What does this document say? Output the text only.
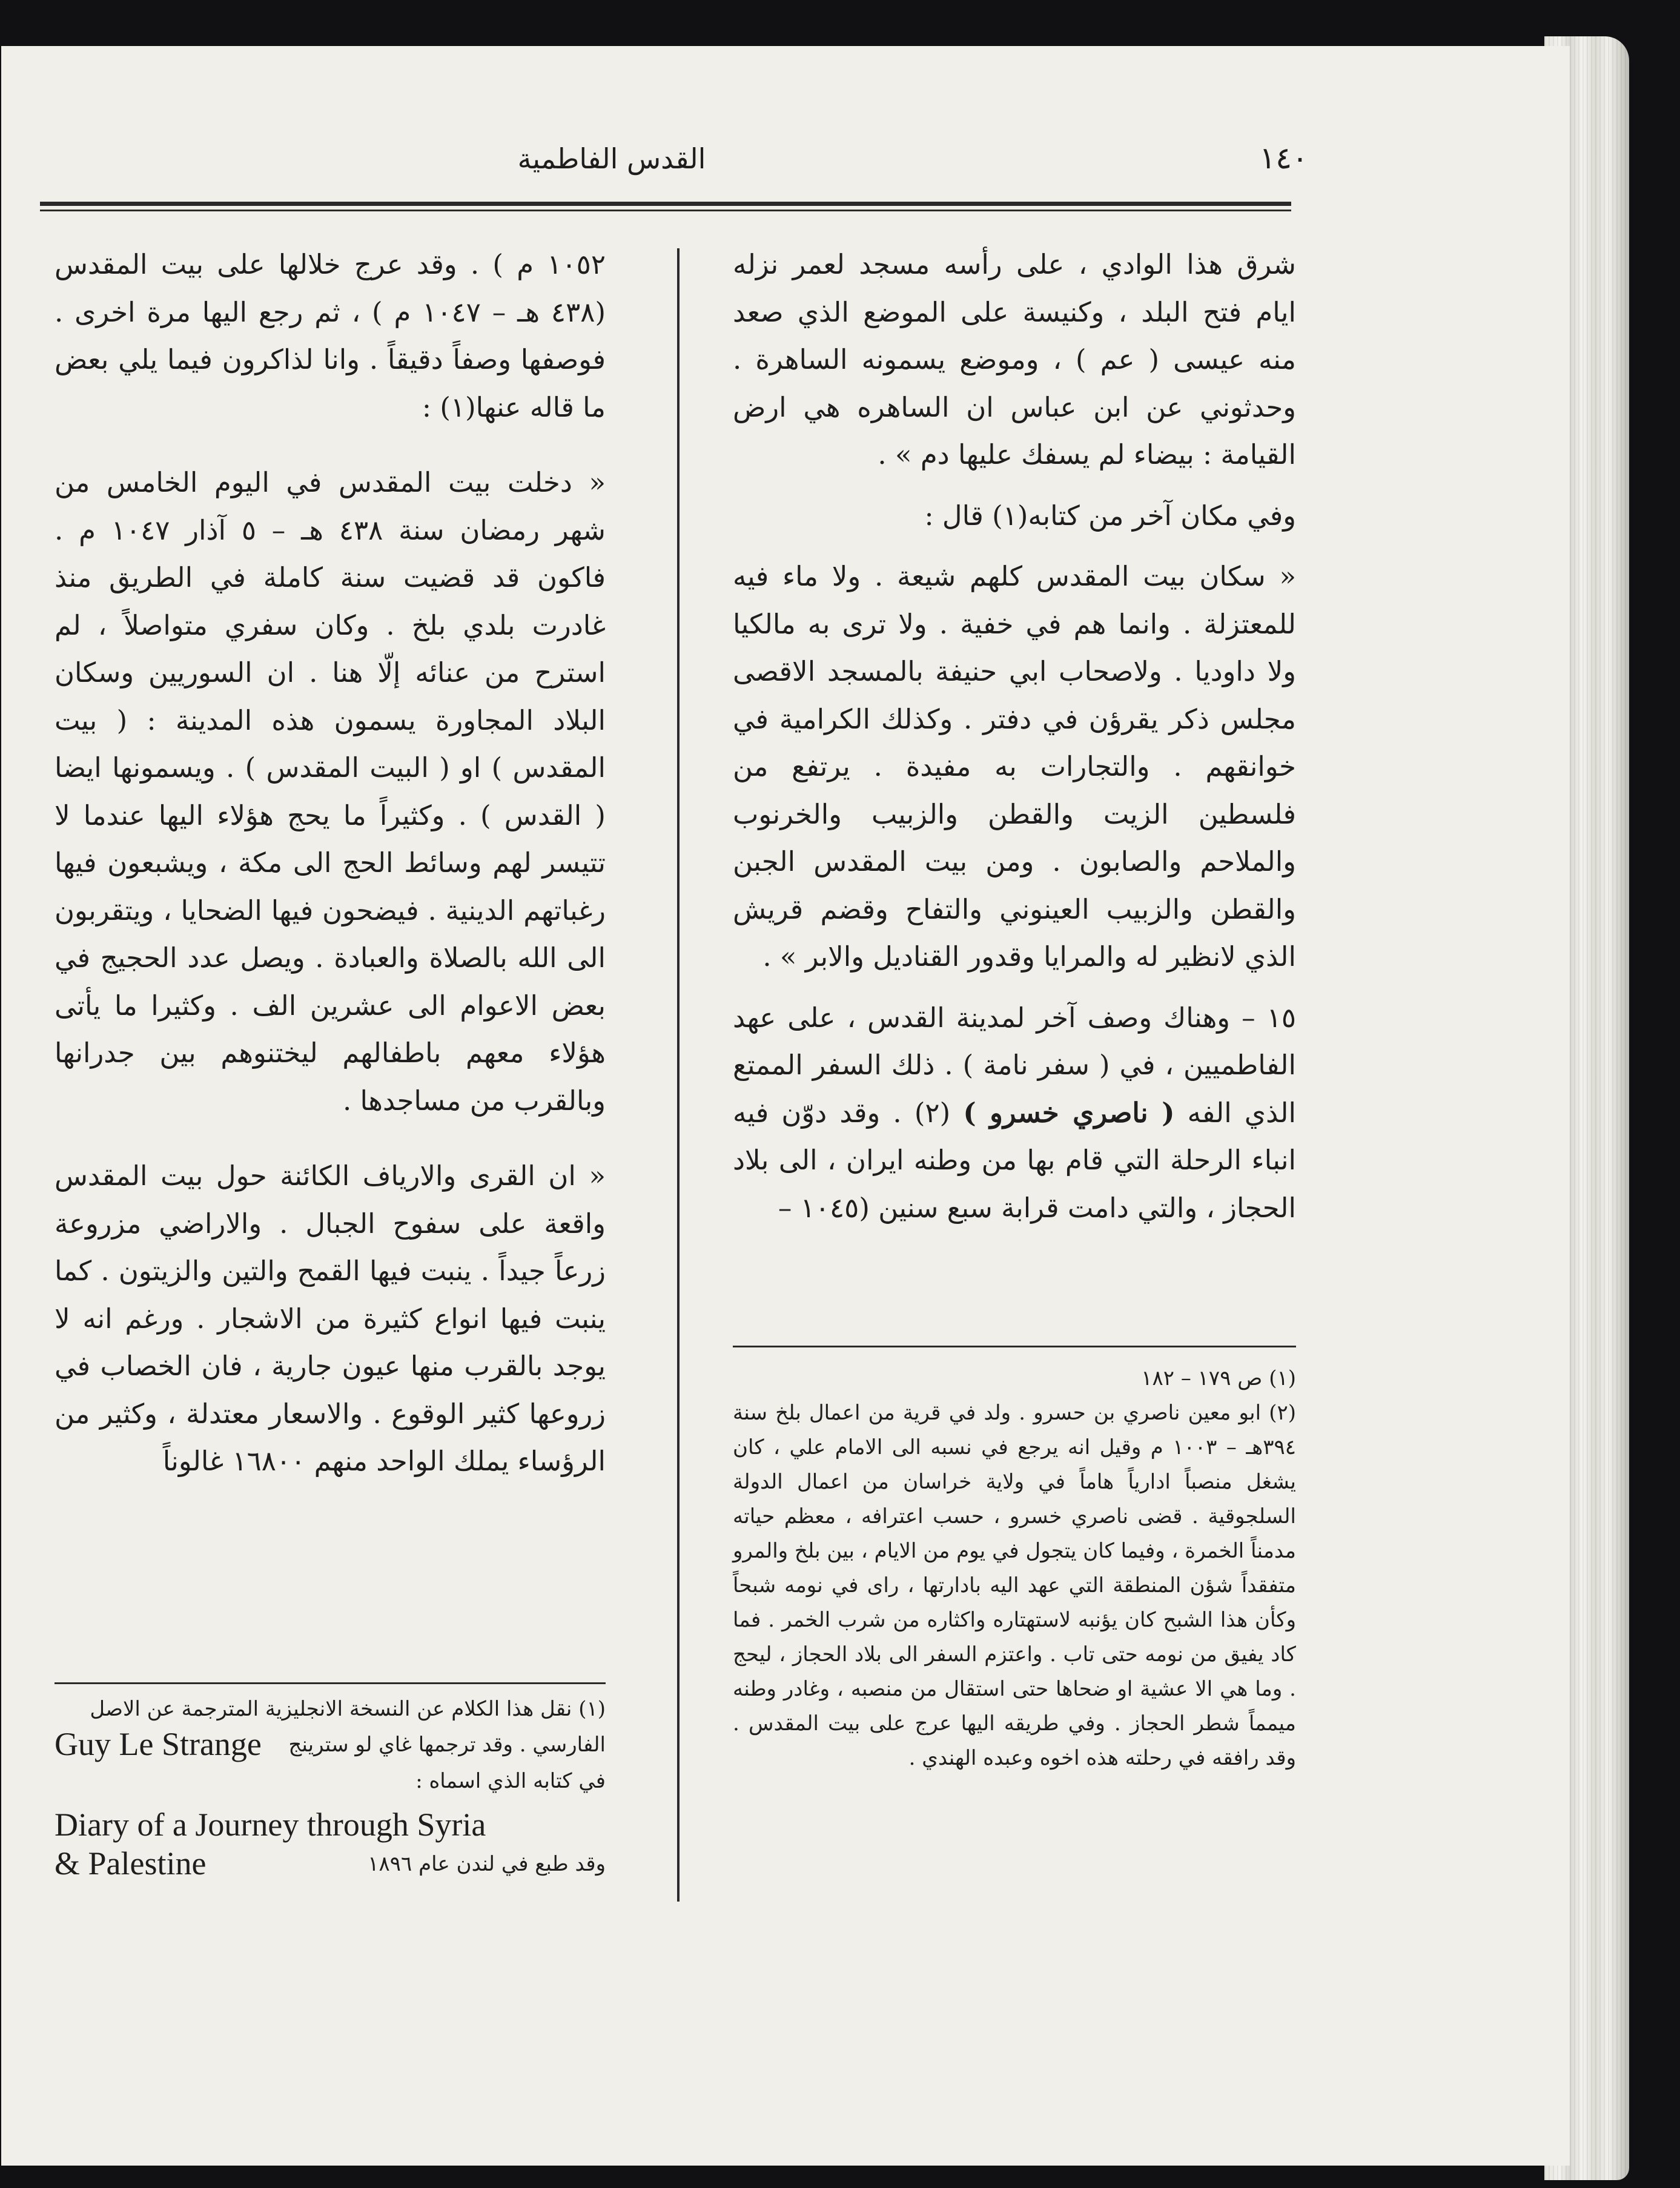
القدس الفاطمية	١٤٠

شرق هذا الوادي ، على رأسه مسجد لعمر نزله ايام فتح البلد ، وكنيسة على الموضع الذي صعد منه عيسى ( عم ) ، وموضع يسمونه الساهرة . وحدثوني عن ابن عباس ان الساهره هي ارض القيامة : بيضاء لم يسفك عليها دم » .

وفي مكان آخر من كتابه(١) قال :

« سكان بيت المقدس كلهم شيعة . ولا ماء فيه للمعتزلة . وانما هم في خفية . ولا ترى به مالكيا ولا داوديا . ولاصحاب ابي حنيفة بالمسجد الاقصى مجلس ذكر يقرؤن في دفتر . وكذلك الكرامية في خوانقهم . والتجارات به مفيدة . يرتفع من فلسطين الزيت والقطن والزبيب والخرنوب والملاحم والصابون . ومن بيت المقدس الجبن والقطن والزبيب العينوني والتفاح وقضم قريش الذي لانظير له والمرايا وقدور القناديل والابر » .

١٥ – وهناك وصف آخر لمدينة القدس ، على عهد الفاطميين ، في ( سفر نامة ) . ذلك السفر الممتع الذي الفه ( ناصري خسرو ) (٢) . وقد دوّن فيه انباء الرحلة التي قام بها من وطنه ايران ، الى بلاد الحجاز ، والتي دامت قرابة سبع سنين (١٠٤٥ –

(١) ص ١٧٩ – ١٨٢

(٢) ابو معين ناصري بن حسرو . ولد في قرية من اعمال بلخ سنة ٣٩٤هـ – ١٠٠٣ م وقيل انه يرجع في نسبه الى الامام علي ، كان يشغل منصباً ادارياً هاماً في ولاية خراسان من اعمال الدولة السلجوقية . قضى ناصري خسرو ، حسب اعترافه ، معظم حياته مدمناً الخمرة ، وفيما كان يتجول في يوم من الايام ، بين بلخ والمرو متفقداً شؤن المنطقة التي عهد اليه بادارتها ، راى في نومه شبحاً وكأن هذا الشبح كان يؤنبه لاستهتاره واكثاره من شرب الخمر . فما كاد يفيق من نومه حتى تاب . واعتزم السفر الى بلاد الحجاز ، ليحج . وما هي الا عشية او ضحاها حتى استقال من منصبه ، وغادر وطنه ميمماً شطر الحجاز . وفي طريقه اليها عرج على بيت المقدس . وقد رافقه في رحلته هذه اخوه وعبده الهندي .

١٠٥٢ م ) . وقد عرج خلالها على بيت المقدس (٤٣٨ هـ – ١٠٤٧ م ) ، ثم رجع اليها مرة اخرى . فوصفها وصفاً دقيقاً . وانا لذاكرون فيما يلي بعض ما قاله عنها(١) :

« دخلت بيت المقدس في اليوم الخامس من شهر رمضان سنة ٤٣٨ هـ – ٥ آذار ١٠٤٧ م . فاكون قد قضيت سنة كاملة في الطريق منذ غادرت بلدي بلخ . وكان سفري متواصلاً ، لم استرح من عنائه إلّا هنا . ان السوريين وسكان البلاد المجاورة يسمون هذه المدينة : ( بيت المقدس ) او ( البيت المقدس ) . ويسمونها ايضا ( القدس ) . وكثيراً ما يحج هؤلاء اليها عندما لا تتيسر لهم وسائط الحج الى مكة ، ويشبعون فيها رغباتهم الدينية . فيضحون فيها الضحايا ، ويتقربون الى الله بالصلاة والعبادة . ويصل عدد الحجيج في بعض الاعوام الى عشرين الف . وكثيرا ما يأتى هؤلاء معهم باطفالهم ليختنوهم بين جدرانها وبالقرب من مساجدها .

« ان القرى والارياف الكائنة حول بيت المقدس واقعة على سفوح الجبال . والاراضي مزروعة زرعاً جيداً . ينبت فيها القمح والتين والزيتون . كما ينبت فيها انواع كثيرة من الاشجار . ورغم انه لا يوجد بالقرب منها عيون جارية ، فان الخصاب في زروعها كثير الوقوع . والاسعار معتدلة ، وكثير من الرؤساء يملك الواحد منهم ١٦٨٠٠ غالوناً

(١) نقل هذا الكلام عن النسخة الانجليزية المترجمة عن الاصل

Guy Le Strange الفارسي . وقد ترجمها غاي لو سترينج

في كتابه الذي اسماه :

Diary of a Journey through Syria
& Palestine	وقد طبع في لندن عام ١٨٩٦
